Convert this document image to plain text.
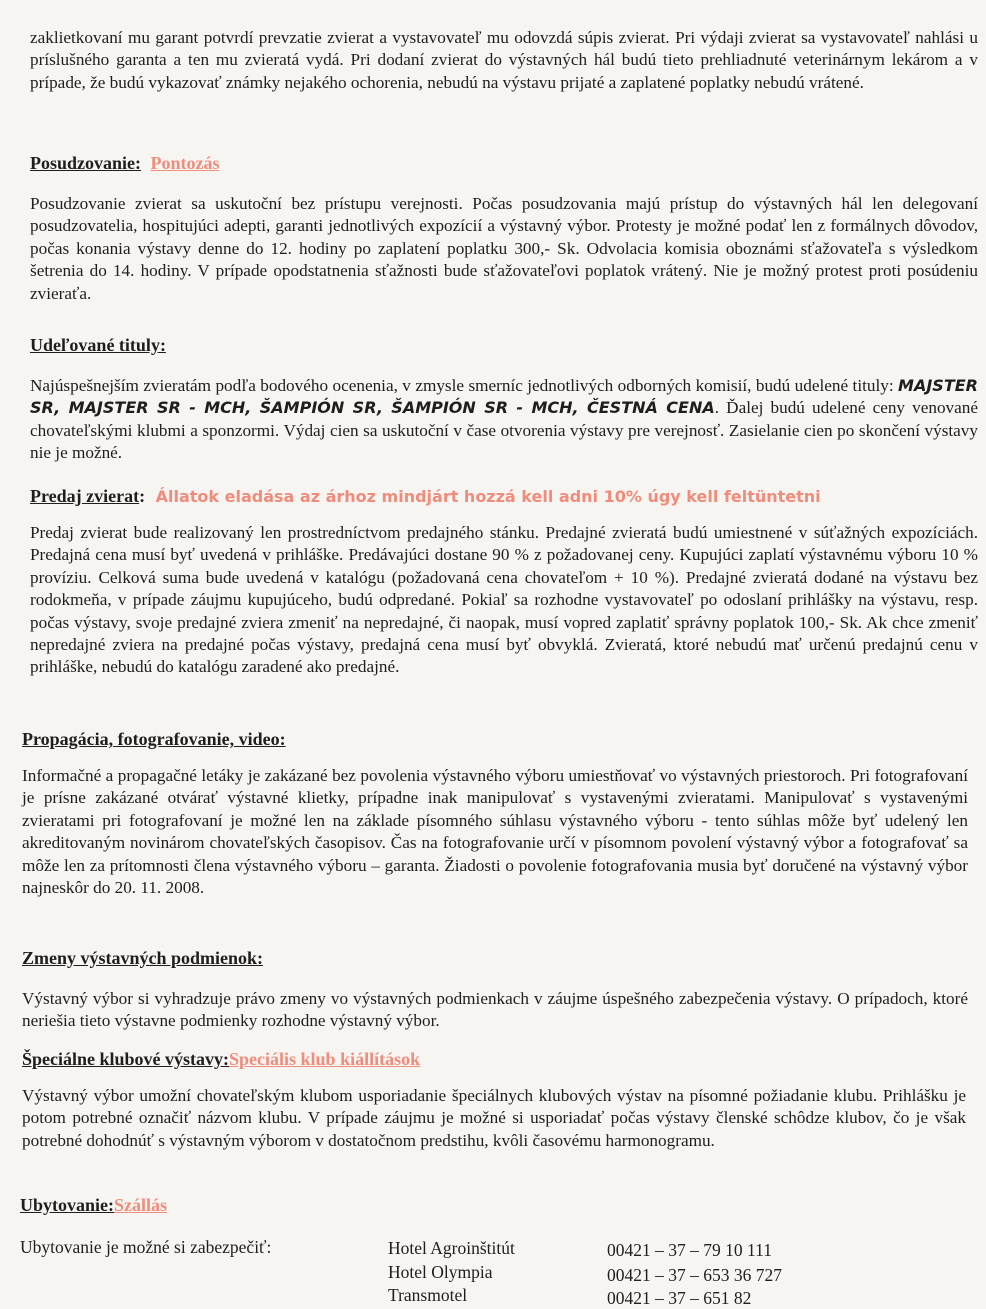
zaklietkovaní mu garant potvrdí prevzatie zvierat a vystavovateľ mu odovzdá súpis zvierat. Pri výdaji zvierat sa vystavovateľ nahlási u príslušného garanta a ten mu zvieratá vydá. Pri dodaní zvierat do výstavných hál budú tieto prehliadnuté veterinárnym lekárom a v prípade, že budú vykazovať známky nejakého ochorenia, nebudú na výstavu prijaté a zaplatené poplatky nebudú vrátené.
Posudzovanie: Pontozás
Posudzovanie zvierat sa uskutoční bez prístupu verejnosti. Počas posudzovania majú prístup do výstavných hál len delegovaní posudzovatelia, hospitujúci adepti, garanti jednotlivých expozícií a výstavný výbor. Protesty je možné podať len z formálnych dôvodov, počas konania výstavy denne do 12. hodiny po zaplatení poplatku 300,- Sk. Odvolacia komisia oboznámi sťažovateľa s výsledkom šetrenia do 14. hodiny. V prípade opodstatnenia sťažnosti bude sťažovateľovi poplatok vrátený. Nie je možný protest proti posúdeniu zvieraťa.
Udeľované tituly:
Najúspešnejším zvieratám podľa bodového ocenenia, v zmysle smerníc jednotlivých odborných komisií, budú udelené tituly: MAJSTER SR, MAJSTER SR - MCH, ŠAMPIÓN SR, ŠAMPIÓN SR - MCH, ČESTNÁ CENA. Ďalej budú udelené ceny venované chovateľskými klubmi a sponzormi. Výdaj cien sa uskutoční v čase otvorenia výstavy pre verejnosť. Zasielanie cien po skončení výstavy nie je možné.
Predaj zvierat: Állatok eladása az árhoz mindjárt hozzá kell adni 10% úgy kell feltüntetni
Predaj zvierat bude realizovaný len prostredníctvom predajného stánku. Predajné zvieratá budú umiestnené v súťažných expozíciách. Predajná cena musí byť uvedená v prihláške. Predávajúci dostane 90 % z požadovanej ceny. Kupujúci zaplatí výstavnému výboru 10 % províziu. Celková suma bude uvedená v katalógu (požadovaná cena chovateľom + 10 %). Predajné zvieratá dodané na výstavu bez rodokmeňa, v prípade záujmu kupujúceho, budú odpredané. Pokiaľ sa rozhodne vystavovateľ po odoslaní prihlášky na výstavu, resp. počas výstavy, svoje predajné zviera zmeniť na nepredajné, či naopak, musí vopred zaplatiť správny poplatok 100,- Sk. Ak chce zmeniť nepredajné zviera na predajné počas výstavy, predajná cena musí byť obvyklá. Zvieratá, ktoré nebudú mať určenú predajnú cenu v prihláške, nebudú do katalógu zaradené ako predajné.
Propagácia, fotografovanie, video:
Informačné a propagačné letáky je zakázané bez povolenia výstavného výboru umiestňovať vo výstavných priestoroch. Pri fotografovaní je prísne zakázané otvárať výstavné klietky, prípadne inak manipulovať s vystavenými zvieratami. Manipulovať s vystavenými zvieratami pri fotografovaní je možné len na základe písomného súhlasu výstavného výboru - tento súhlas môže byť udelený len akreditovaným novinárom chovateľských časopisov. Čas na fotografovanie určí v písomnom povolení výstavný výbor a fotografovať sa môže len za prítomnosti člena výstavného výboru – garanta. Žiadosti o povolenie fotografovania musia byť doručené na výstavný výbor najneskôr do 20. 11. 2008.
Zmeny výstavných podmienok:
Výstavný výbor si vyhradzuje právo zmeny vo výstavných podmienkach v záujme úspešného zabezpečenia výstavy. O prípadoch, ktoré neriešia tieto výstavne podmienky rozhodne výstavný výbor.
Špeciálne klubové výstavy:Speciális klub kiállítások
Výstavný výbor umožní chovateľským klubom usporiadanie špeciálnych klubových výstav na písomné požiadanie klubu. Prihlášku je potom potrebné označiť názvom klubu. V prípade záujmu je možné si usporiadať počas výstavy členské schôdze klubov, čo je však potrebné dohodnúť s výstavným výborom v dostatočnom predstihu, kvôli časovému harmonogramu.
Ubytovanie:Szállás
Ubytovanie je možné si zabezpečiť:	Hotel Agroinštitút	00421 – 37 – 79 10 111
Hotel Olympia	00421 – 37 – 653 36 727
Transmotel	00421 – 37 – 651 82
